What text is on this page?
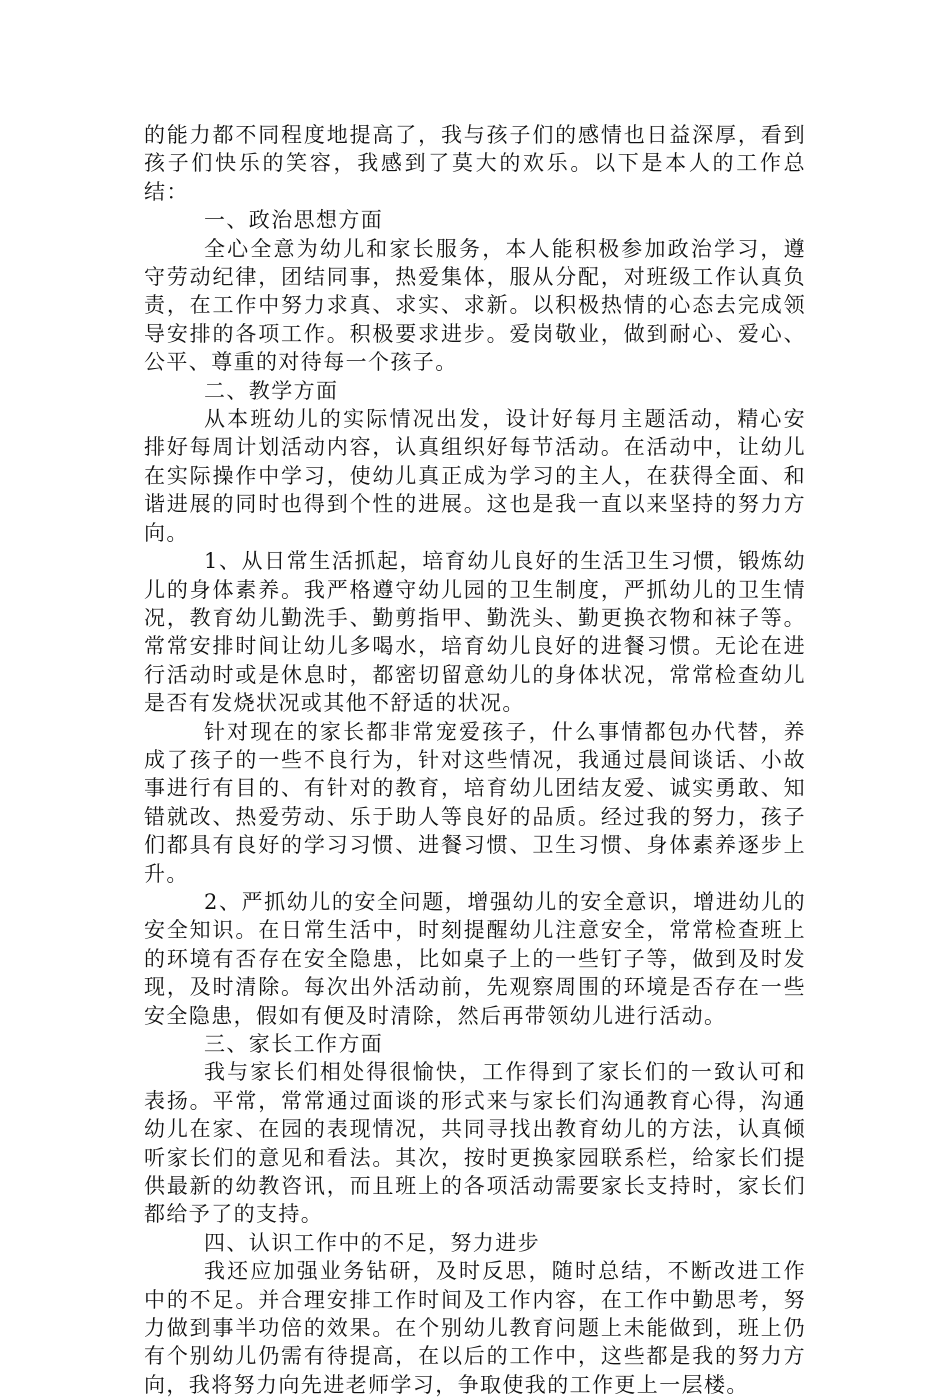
的能力都不同程度地提高了，我与孩子们的感情也日益深厚，看到孩子们快乐的笑容，我感到了莫大的欢乐。以下是本人的工作总结：

一、政治思想方面

全心全意为幼儿和家长服务，本人能积极参加政治学习，遵守劳动纪律，团结同事，热爱集体，服从分配，对班级工作认真负责，在工作中努力求真、求实、求新。以积极热情的心态去完成领导安排的各项工作。积极要求进步。爱岗敬业，做到耐心、爱心、公平、尊重的对待每一个孩子。

二、教学方面

从本班幼儿的实际情况出发，设计好每月主题活动，精心安排好每周计划活动内容，认真组织好每节活动。在活动中，让幼儿在实际操作中学习，使幼儿真正成为学习的主人，在获得全面、和谐进展的同时也得到个性的进展。这也是我一直以来坚持的努力方向。

1、从日常生活抓起，培育幼儿良好的生活卫生习惯，锻炼幼儿的身体素养。我严格遵守幼儿园的卫生制度，严抓幼儿的卫生情况，教育幼儿勤洗手、勤剪指甲、勤洗头、勤更换衣物和袜子等。常常安排时间让幼儿多喝水，培育幼儿良好的进餐习惯。无论在进行活动时或是休息时，都密切留意幼儿的身体状况，常常检查幼儿是否有发烧状况或其他不舒适的状况。

针对现在的家长都非常宠爱孩子，什么事情都包办代替，养成了孩子的一些不良行为，针对这些情况，我通过晨间谈话、小故事进行有目的、有针对的教育，培育幼儿团结友爱、诚实勇敢、知错就改、热爱劳动、乐于助人等良好的品质。经过我的努力，孩子们都具有良好的学习习惯、进餐习惯、卫生习惯、身体素养逐步上升。

2、严抓幼儿的安全问题，增强幼儿的安全意识，增进幼儿的安全知识。在日常生活中，时刻提醒幼儿注意安全，常常检查班上的环境有否存在安全隐患，比如桌子上的一些钉子等，做到及时发现，及时清除。每次出外活动前，先观察周围的环境是否存在一些安全隐患，假如有便及时清除，然后再带领幼儿进行活动。

三、家长工作方面

我与家长们相处得很愉快，工作得到了家长们的一致认可和表扬。平常，常常通过面谈的形式来与家长们沟通教育心得，沟通幼儿在家、在园的表现情况，共同寻找出教育幼儿的方法，认真倾听家长们的意见和看法。其次，按时更换家园联系栏，给家长们提供最新的幼教咨讯，而且班上的各项活动需要家长支持时，家长们都给予了的支持。

四、认识工作中的不足，努力进步

我还应加强业务钻研，及时反思，随时总结，不断改进工作中的不足。并合理安排工作时间及工作内容，在工作中勤思考，努力做到事半功倍的效果。在个别幼儿教育问题上未能做到，班上仍有个别幼儿仍需有待提高，在以后的工作中，这些都是我的努力方向，我将努力向先进老师学习，争取使我的工作更上一层楼。
